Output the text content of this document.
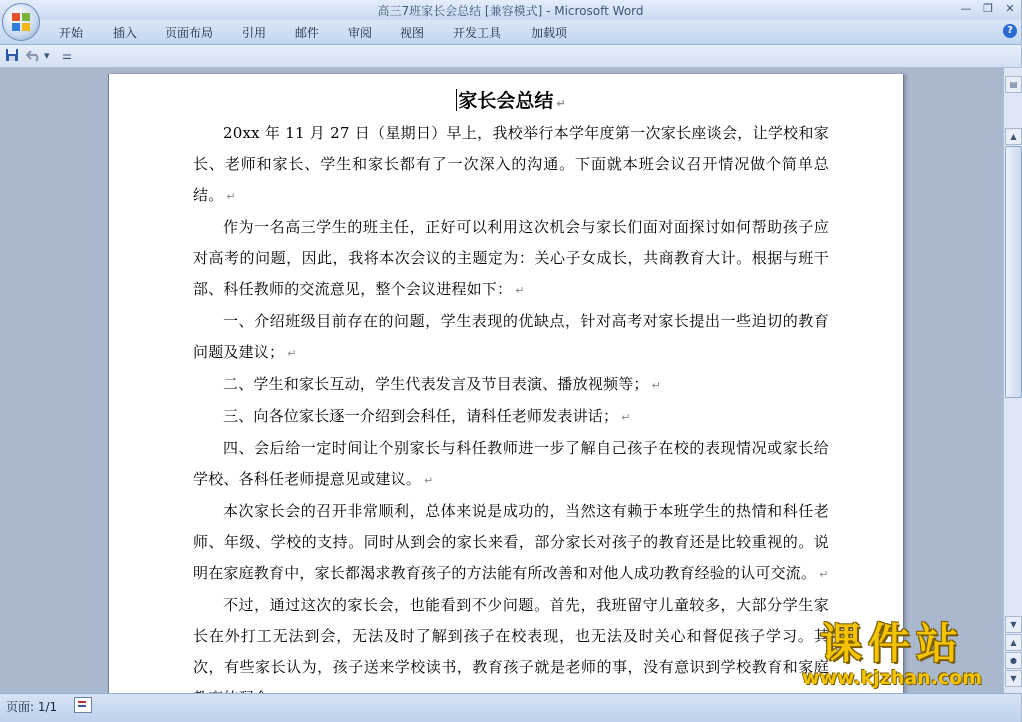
高三7班家长会总结 [兼容模式] - Microsoft Word	—	❐	✕
开始 插入 页面布局 引用 邮件 审阅 视图 开发工具 加载项	?
▾ ⚌
家长会总结 ↵

20xx 年 11 月 27 日（星期日）早上，我校举行本学年度第一次家长座谈会，让学校和家长、老师和家长、学生和家长都有了一次深入的沟通。下面就本班会议召开情况做个简单总结。 ↵

作为一名高三学生的班主任，正好可以利用这次机会与家长们面对面探讨如何帮助孩子应对高考的问题，因此，我将本次会议的主题定为：关心子女成长，共商教育大计。根据与班干部、科任教师的交流意见，整个会议进程如下： ↵

一、介绍班级目前存在的问题，学生表现的优缺点，针对高考对家长提出一些迫切的教育问题及建议； ↵

二、学生和家长互动，学生代表发言及节目表演、播放视频等； ↵

三、向各位家长逐一介绍到会科任，请科任老师发表讲话； ↵

四、会后给一定时间让个别家长与科任教师进一步了解自己孩子在校的表现情况或家长给学校、各科任老师提意见或建议。 ↵

本次家长会的召开非常顺利，总体来说是成功的，当然这有赖于本班学生的热情和科任老师、年级、学校的支持。同时从到会的家长来看，部分家长对孩子的教育还是比较重视的。说明在家庭教育中，家长都渴求教育孩子的方法能有所改善和对他人成功教育经验的认可交流。 ↵

不过，通过这次的家长会，也能看到不少问题。首先，我班留守儿童较多，大部分学生家长在外打工无法到会，无法及时了解到孩子在校表现，也无法及时关心和督促孩子学习。其次，有些家长认为，孩子送来学校读书，教育孩子就是老师的事，没有意识到学校教育和家庭

▤
▲
▼
▲
●
▼
页面: 1/1
课件站
www.kjzhan.com
